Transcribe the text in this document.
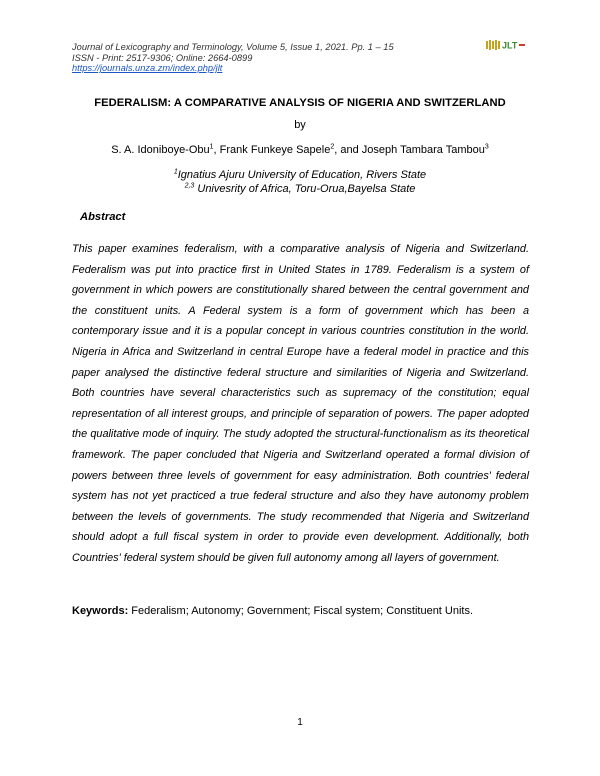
Journal of Lexicography and Terminology, Volume 5, Issue 1, 2021. Pp. 1 – 15
ISSN - Print: 2517-9306; Online: 2664-0899
https://journals.unza.zm/index.php/jlt
JLT
FEDERALISM: A COMPARATIVE ANALYSIS OF NIGERIA AND SWITZERLAND
by
S. A. Idoniboye-Obu$^1$, Frank Funkeye Sapele$^2$, and Joseph Tambara Tambou$^3$
$^1$Ignatius Ajuru University of Education, Rivers State
$^{2,3}$ Univesrity of Africa, Toru-Orua,Bayelsa State
Abstract

This paper examines federalism, with a comparative analysis of Nigeria and Switzerland. Federalism was put into practice first in United States in 1789. Federalism is a system of government in which powers are constitutionally shared between the central government and the constituent units. A Federal system is a form of government which has been a contemporary issue and it is a popular concept in various countries constitution in the world. Nigeria in Africa and Switzerland in central Europe have a federal model in practice and this paper analysed the distinctive federal structure and similarities of Nigeria and Switzerland. Both countries have several characteristics such as supremacy of the constitution; equal representation of all interest groups, and principle of separation of powers. The paper adopted the qualitative mode of inquiry. The study adopted the structural-functionalism as its theoretical framework. The paper concluded that Nigeria and Switzerland operated a formal division of powers between three levels of government for easy administration. Both countries' federal system has not yet practiced a true federal structure and also they have autonomy problem between the levels of governments. The study recommended that Nigeria and Switzerland should adopt a full fiscal system in order to provide even development. Additionally, both Countries' federal system should be given full autonomy among all layers of government.

Keywords: Federalism; Autonomy; Government; Fiscal system; Constituent Units.
1
